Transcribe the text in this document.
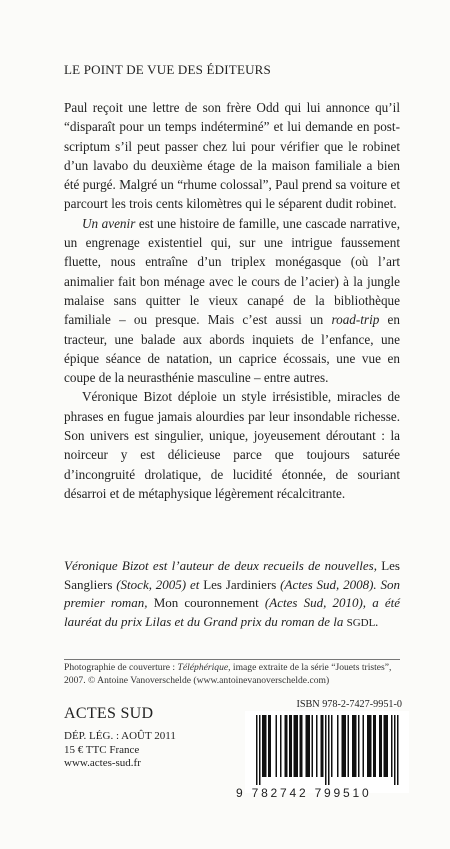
LE POINT DE VUE DES ÉDITEURS

Paul reçoit une lettre de son frère Odd qui lui annonce qu’il “disparaît pour un temps indéterminé” et lui demande en post-scriptum s’il peut passer chez lui pour vérifier que le robinet d’un lavabo du deuxième étage de la maison familiale a bien été purgé. Malgré un “rhume colossal”, Paul prend sa voiture et parcourt les trois cents kilomètres qui le séparent dudit robinet.

Un avenir est une histoire de famille, une cascade narrative, un engrenage existentiel qui, sur une intrigue faussement fluette, nous entraîne d’un triplex monégasque (où l’art animalier fait bon ménage avec le cours de l’acier) à la jungle malaise sans quitter le vieux canapé de la bibliothèque familiale – ou presque. Mais c’est aussi un road-trip en tracteur, une balade aux abords inquiets de l’enfance, une épique séance de natation, un caprice écossais, une vue en coupe de la neurasthénie masculine – entre autres.

Véronique Bizot déploie un style irrésistible, miracles de phrases en fugue jamais alourdies par leur insondable richesse. Son univers est singulier, unique, joyeusement déroutant : la noirceur y est délicieuse parce que toujours saturée d’incongruité drolatique, de lucidité étonnée, de souriant désarroi et de métaphysique légèrement récalcitrante.

Véronique Bizot est l’auteur de deux recueils de nouvelles, Les Sangliers (Stock, 2005) et Les Jardiniers (Actes Sud, 2008). Son premier roman, Mon couronnement (Actes Sud, 2010), a été lauréat du prix Lilas et du Grand prix du roman de la SGDL.
Photographie de couverture : Téléphérique, image extraite de la série “Jouets tristes”, 2007. © Antoine Vanoverschelde (www.antoinevanoverschelde.com)
ACTES SUD
DÉP. LÉG. : AOÛT 2011
15 € TTC France
www.actes-sud.fr
ISBN 978-2-7427-9951-0
9 782742 799510
